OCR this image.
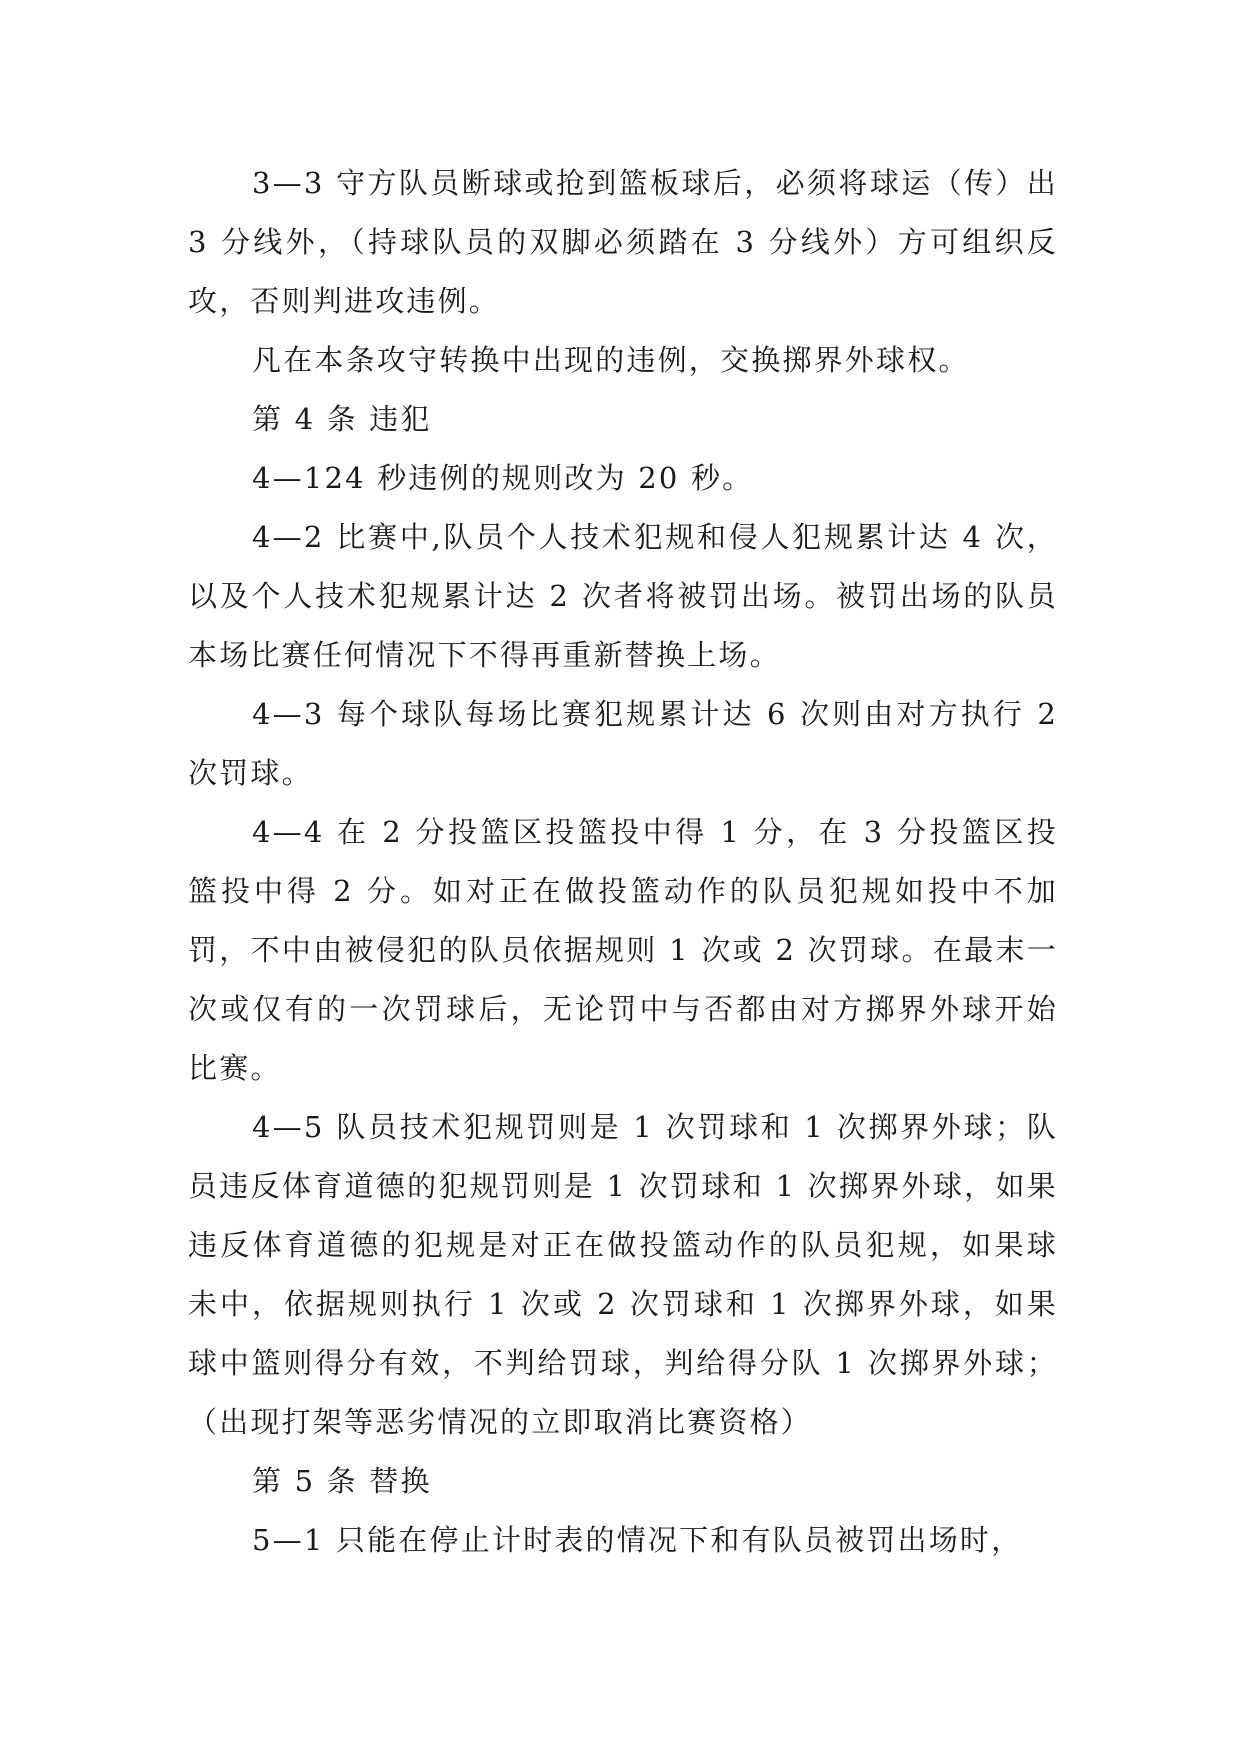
3—3 守方队员断球或抢到篮板球后，必须将球运（传）出 3 分线外，（持球队员的双脚必须踏在 3 分线外）方可组织反攻，否则判进攻违例。

凡在本条攻守转换中出现的违例，交换掷界外球权。

第 4 条 违犯

4—124 秒违例的规则改为 20 秒。

4—2 比赛中,队员个人技术犯规和侵人犯规累计达 4 次，以及个人技术犯规累计达 2 次者将被罚出场。被罚出场的队员本场比赛任何情况下不得再重新替换上场。

4—3 每个球队每场比赛犯规累计达 6 次则由对方执行 2 次罚球。

4—4 在 2 分投篮区投篮投中得 1 分，在 3 分投篮区投篮投中得 2 分。如对正在做投篮动作的队员犯规如投中不加罚，不中由被侵犯的队员依据规则 1 次或 2 次罚球。在最末一次或仅有的一次罚球后，无论罚中与否都由对方掷界外球开始比赛。

4—5 队员技术犯规罚则是 1 次罚球和 1 次掷界外球；队员违反体育道德的犯规罚则是 1 次罚球和 1 次掷界外球，如果违反体育道德的犯规是对正在做投篮动作的队员犯规，如果球未中，依据规则执行 1 次或 2 次罚球和 1 次掷界外球，如果球中篮则得分有效，不判给罚球，判给得分队 1 次掷界外球；（出现打架等恶劣情况的立即取消比赛资格）

第 5 条 替换

5—1 只能在停止计时表的情况下和有队员被罚出场时，
